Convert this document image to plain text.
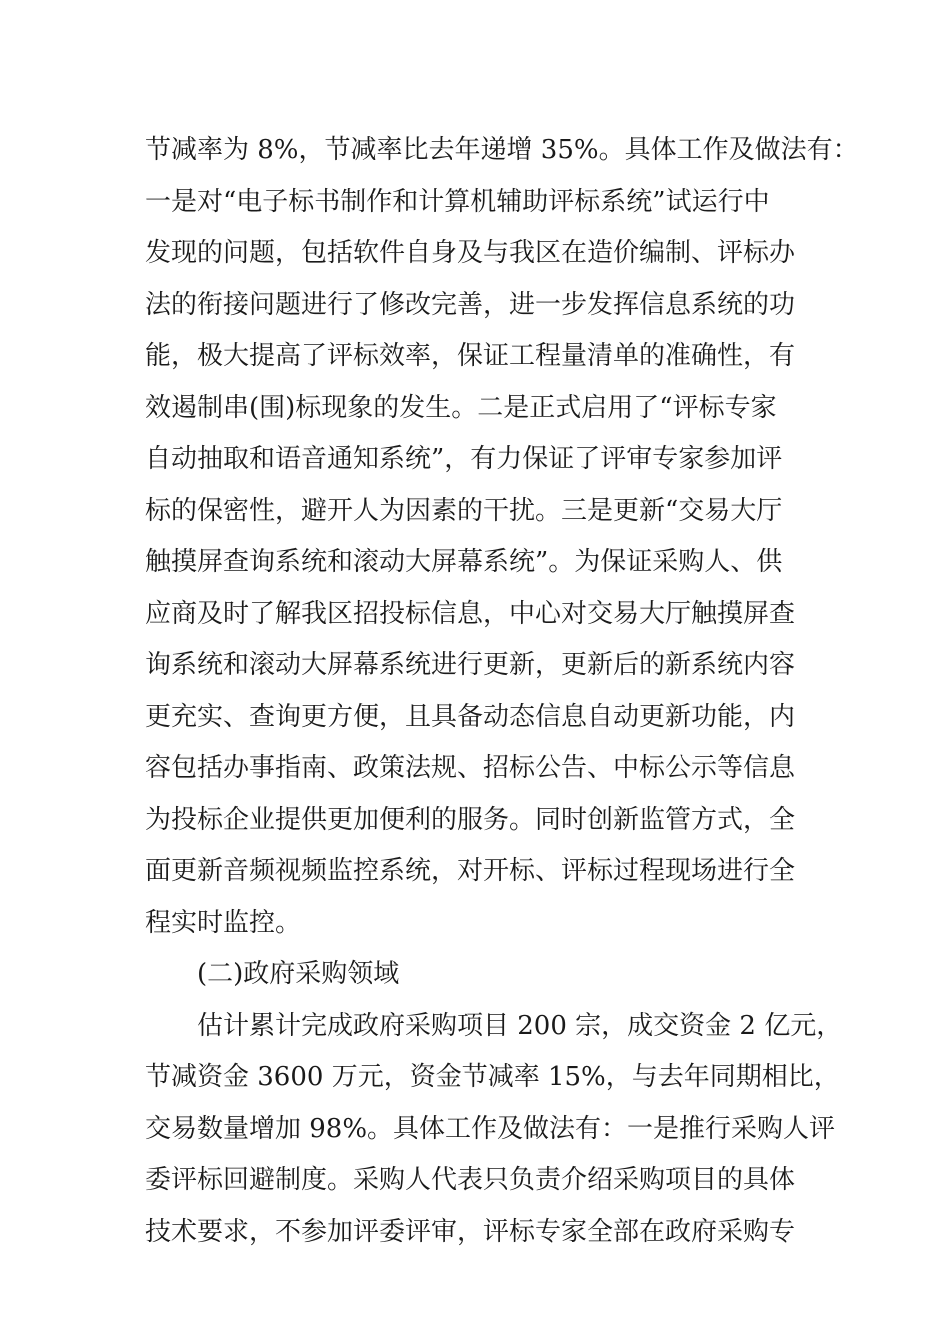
节减率为 8%，节减率比去年递增 35%。具体工作及做法有：
一是对“电子标书制作和计算机辅助评标系统”试运行中
发现的问题，包括软件自身及与我区在造价编制、评标办
法的衔接问题进行了修改完善，进一步发挥信息系统的功
能，极大提高了评标效率，保证工程量清单的准确性，有
效遏制串(围)标现象的发生。二是正式启用了“评标专家
自动抽取和语音通知系统”，有力保证了评审专家参加评
标的保密性，避开人为因素的干扰。三是更新“交易大厅
触摸屏查询系统和滚动大屏幕系统”。为保证采购人、供
应商及时了解我区招投标信息，中心对交易大厅触摸屏查
询系统和滚动大屏幕系统进行更新，更新后的新系统内容
更充实、查询更方便，且具备动态信息自动更新功能，内
容包括办事指南、政策法规、招标公告、中标公示等信息
为投标企业提供更加便利的服务。同时创新监管方式，全
面更新音频视频监控系统，对开标、评标过程现场进行全
程实时监控。
(二)政府采购领域
估计累计完成政府采购项目 200 宗，成交资金 2 亿元，
节减资金 3600 万元，资金节减率 15%，与去年同期相比，
交易数量增加 98%。具体工作及做法有：一是推行采购人评
委评标回避制度。采购人代表只负责介绍采购项目的具体
技术要求，不参加评委评审，评标专家全部在政府采购专
